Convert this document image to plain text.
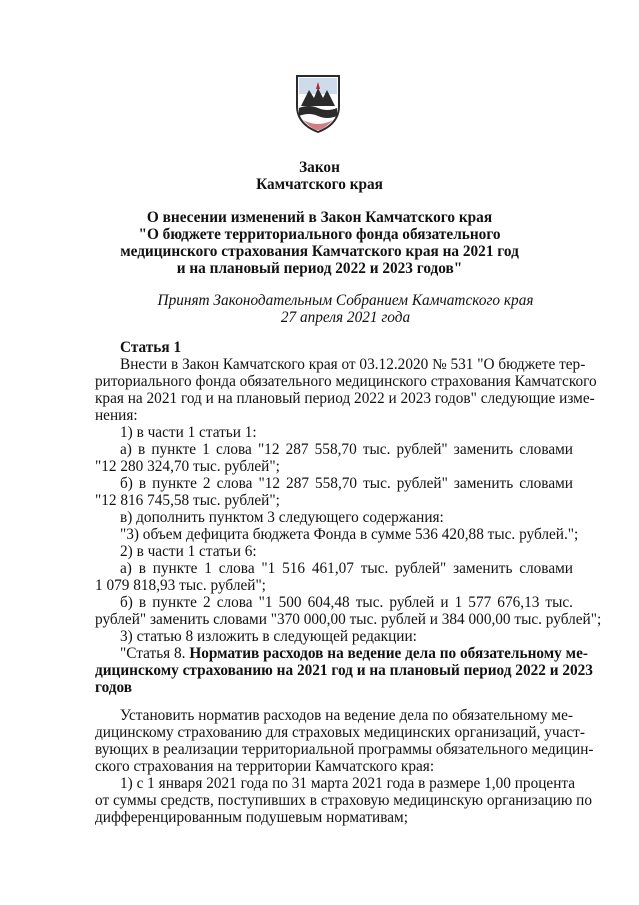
Закон
Камчатского края
О внесении изменений в Закон Камчатского края
"О бюджете территориального фонда обязательного
медицинского страхования Камчатского края на 2021 год
и на плановый период 2022 и 2023 годов"
Принят Законодательным Собранием Камчатского края
27 апреля 2021 года
Статья 1
Внести в Закон Камчатского края от 03.12.2020 № 531 "О бюджете тер-
риториального фонда обязательного медицинского страхования Камчатского
края на 2021 год и на плановый период 2022 и 2023 годов" следующие изме-
нения:
1) в части 1 статьи 1:
а) в пункте 1 слова "12 287 558,70 тыс. рублей" заменить словами
"12 280 324,70 тыс. рублей";
б) в пункте 2 слова "12 287 558,70 тыс. рублей" заменить словами
"12 816 745,58 тыс. рублей";
в) дополнить пунктом 3 следующего содержания:
"3) объем дефицита бюджета Фонда в сумме 536 420,88 тыс. рублей.";
2) в части 1 статьи 6:
а) в пункте 1 слова "1 516 461,07 тыс. рублей" заменить словами
1 079 818,93 тыс. рублей";
б) в пункте 2 слова "1 500 604,48 тыс. рублей и 1 577 676,13 тыс.
рублей" заменить словами "370 000,00 тыс. рублей и 384 000,00 тыс. рублей";
3) статью 8 изложить в следующей редакции:
"Статья 8. Норматив расходов на ведение дела по обязательному ме-
дицинскому страхованию на 2021 год и на плановый период 2022 и 2023
годов
Установить норматив расходов на ведение дела по обязательному ме-
дицинскому страхованию для страховых медицинских организаций, участ-
вующих в реализации территориальной программы обязательного медицин-
ского страхования на территории Камчатского края:
1) с 1 января 2021 года по 31 марта 2021 года в размере 1,00 процента
от суммы средств, поступивших в страховую медицинскую организацию по
дифференцированным подушевым нормативам;
